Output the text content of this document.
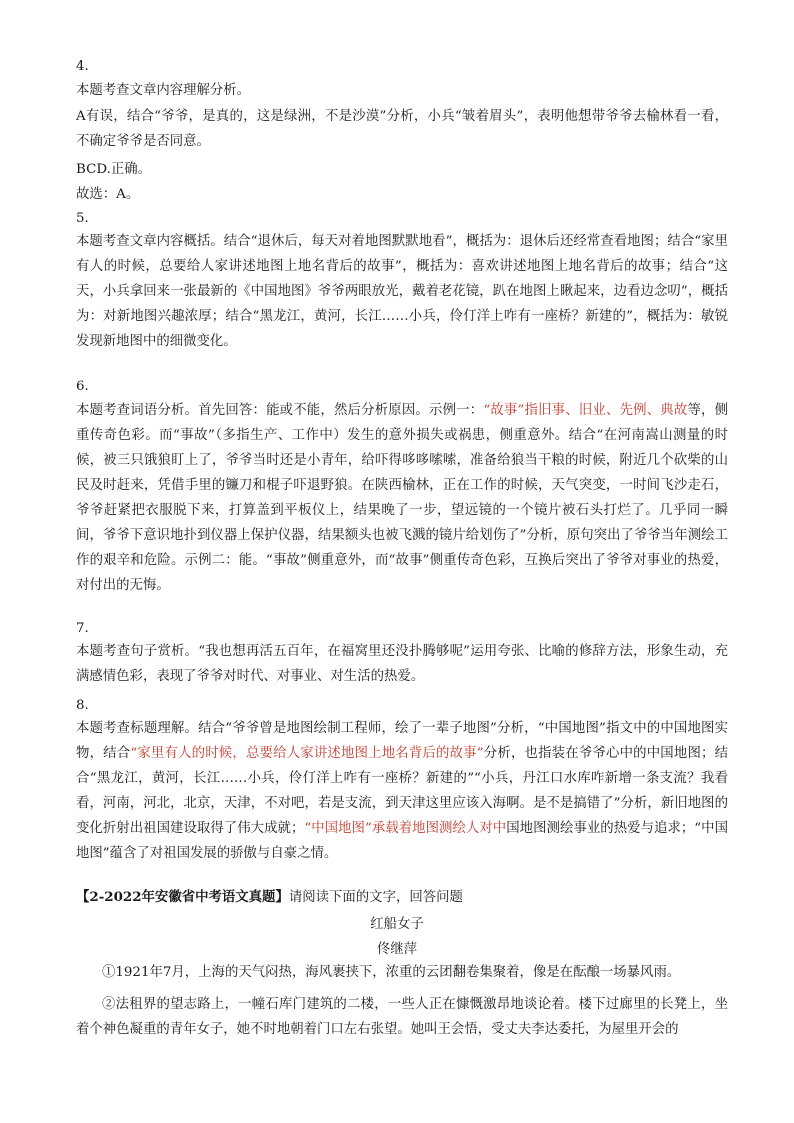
4.
本题考查文章内容理解分析。
A有误，结合“爷爷，是真的，这是绿洲，不是沙漠”分析，小兵“皱着眉头”，表明他想带爷爷去榆林看一看，不确定爷爷是否同意。
BCD.正确。
故选：A。
5.
本题考查文章内容概括。结合“退休后，每天对着地图默默地看”，概括为：退休后还经常查看地图；结合“家里有人的时候，总要给人家讲述地图上地名背后的故事”，概括为：喜欢讲述地图上地名背后的故事；结合“这天，小兵拿回来一张最新的《中国地图》爷爷两眼放光，戴着老花镜，趴在地图上瞅起来，边看边念叨”，概括为：对新地图兴趣浓厚；结合“黑龙江，黄河，长江……小兵，伶仃洋上咋有一座桥？新建的”，概括为：敏锐发现新地图中的细微变化。
6.
本题考查词语分析。首先回答：能或不能，然后分析原因。示例一：“故事”指旧事、旧业、先例、典故等，侧重传奇色彩。而“事故”（多指生产、工作中）发生的意外损失或祸患，侧重意外。结合“在河南嵩山测量的时候，被三只饿狼盯上了，爷爷当时还是小青年，给吓得哆哆嗦嗦，准备给狼当干粮的时候，附近几个砍柴的山民及时赶来，凭借手里的镰刀和棍子吓退野狼。在陕西榆林，正在工作的时候，天气突变，一时间飞沙走石，爷爷赶紧把衣服脱下来，打算盖到平板仪上，结果晚了一步，望远镜的一个镜片被石头打烂了。几乎同一瞬间，爷爷下意识地扑到仪器上保护仪器，结果额头也被飞溅的镜片给划伤了”分析，原句突出了爷爷当年测绘工作的艰辛和危险。示例二：能。“事故”侧重意外，而“故事”侧重传奇色彩，互换后突出了爷爷对事业的热爱，对付出的无悔。
7.
本题考查句子赏析。“我也想再活五百年，在福窝里还没扑腾够呢”运用夸张、比喻的修辞方法，形象生动，充满感情色彩，表现了爷爷对时代、对事业、对生活的热爱。
8.
本题考查标题理解。结合“爷爷曾是地图绘制工程师，绘了一辈子地图”分析，“中国地图”指文中的中国地图实物，结合“家里有人的时候，总要给人家讲述地图上地名背后的故事”分析，也指装在爷爷心中的中国地图；结合“黑龙江，黄河，长江……小兵，伶仃洋上咋有一座桥？新建的”“小兵，丹江口水库咋新增一条支流？我看看，河南，河北，北京，天津，不对吧，若是支流，到天津这里应该入海啊。是不是搞错了”分析，新旧地图的变化折射出祖国建设取得了伟大成就；“中国地图”承载着地图测绘人对中国地图测绘事业的热爱与追求；“中国地图”蕴含了对祖国发展的骄傲与自豪之情。
【2-2022年安徽省中考语文真题】请阅读下面的文字，回答问题
红船女子
佟继萍
①1921年7月，上海的天气闷热，海风裹挟下，浓重的云团翻卷集聚着，像是在酝酿一场暴风雨。
②法租界的望志路上，一幢石库门建筑的二楼，一些人正在慷慨激昂地谈论着。楼下过廊里的长凳上，坐着个神色凝重的青年女子，她不时地朝着门口左右张望。她叫王会悟，受丈夫李达委托，为屋里开会的
